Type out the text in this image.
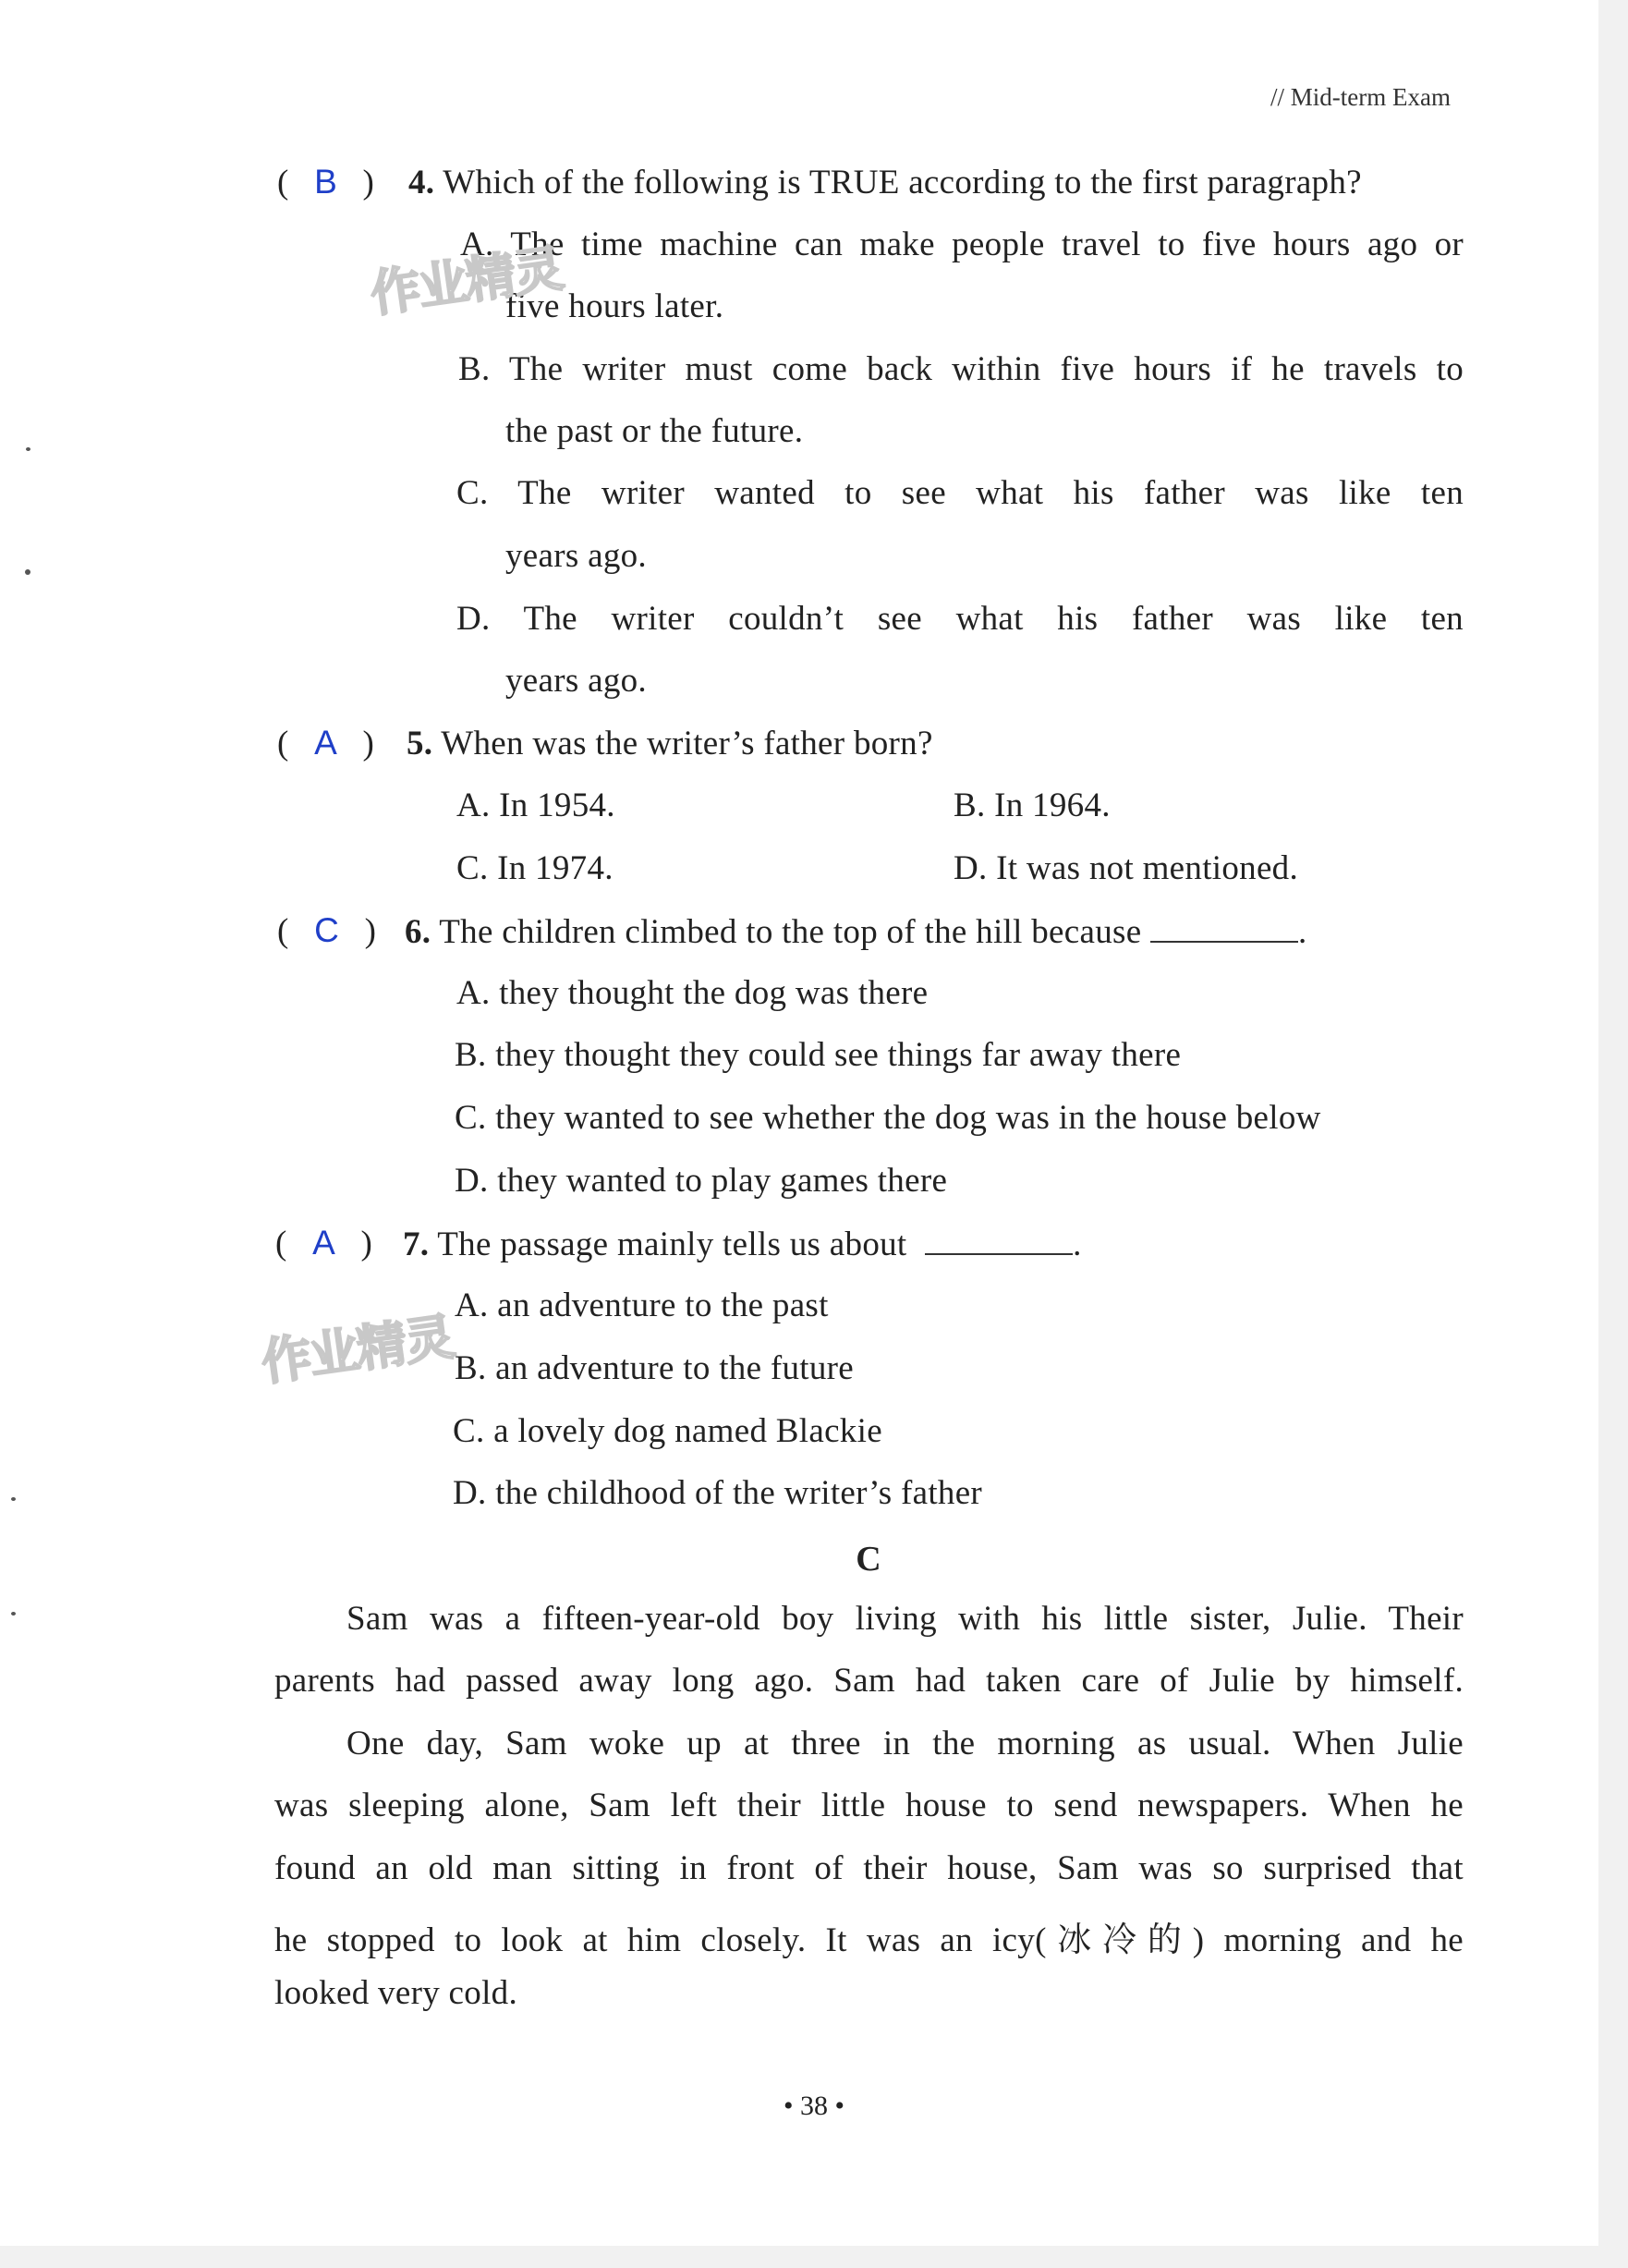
// Mid-term Exam
(   B   ) 4. Which of the following is TRUE according to the first paragraph?
A. The time machine can make people travel to five hours ago or
five hours later.
B. The writer must come back within five hours if he travels to
the past or the future.
C. The writer wanted to see what his father was like ten
years ago.
D. The writer couldn’t see what his father was like ten
years ago.
(   A   ) 5. When was the writer’s father born?
A. In 1954.	B. In 1964.
C. In 1974.	D. It was not mentioned.
(   C   ) 6. The children climbed to the top of the hill because	.
A. they thought the dog was there
B. they thought they could see things far away there
C. they wanted to see whether the dog was in the house below
D. they wanted to play games there
(   A   ) 7. The passage mainly tells us about	.
A. an adventure to the past
B. an adventure to the future
C. a lovely dog named Blackie
D. the childhood of the writer’s father
C
Sam was a fifteen-year-old boy living with his little sister, Julie. Their
parents had passed away long ago. Sam had taken care of Julie by himself.
One day, Sam woke up at three in the morning as usual. When Julie
was sleeping alone, Sam left their little house to send newspapers. When he
found an old man sitting in front of their house, Sam was so surprised that
he stopped to look at him closely. It was an icy(冰冷的) morning and he
looked very cold.
• 38 •
作业精灵
作业精灵
